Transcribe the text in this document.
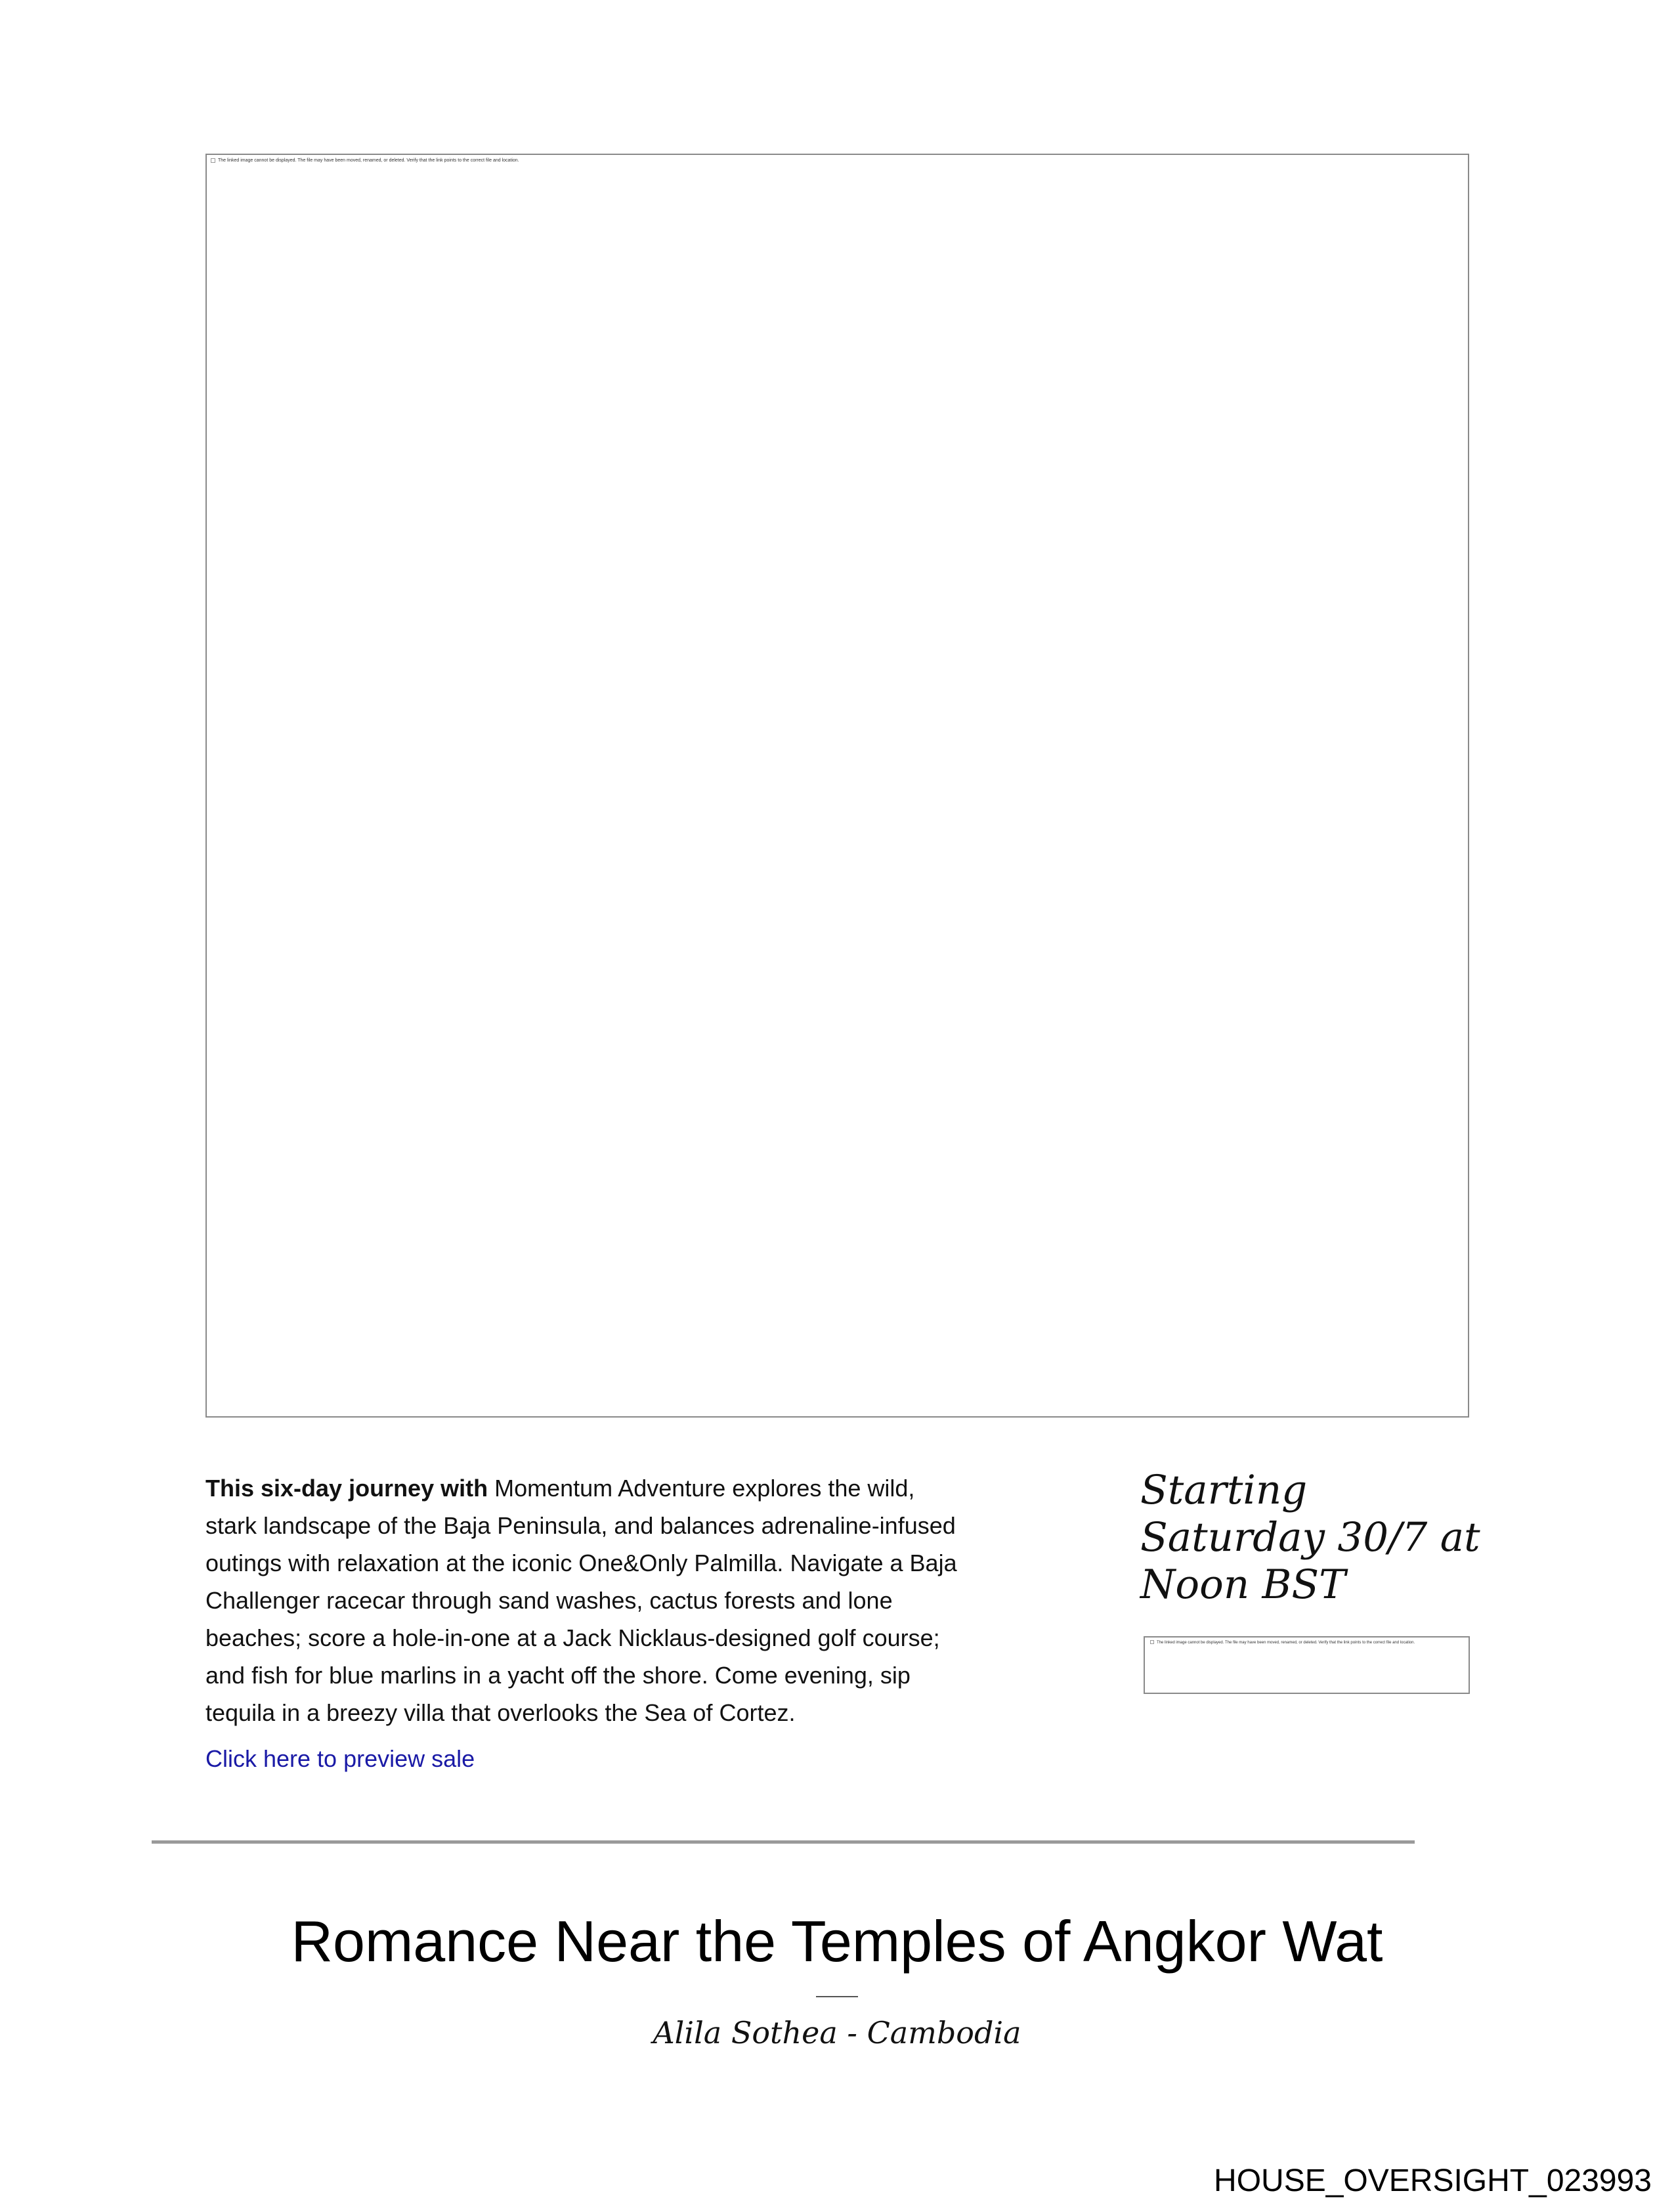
The linked image cannot be displayed. The file may have been moved, renamed, or deleted. Verify that the link points to the correct file and location.
This six-day journey with Momentum Adventure explores the wild,
stark landscape of the Baja Peninsula, and balances adrenaline-infused
outings with relaxation at the iconic One&Only Palmilla. Navigate a Baja
Challenger racecar through sand washes, cactus forests and lone
beaches; score a hole-in-one at a Jack Nicklaus-designed golf course;
and fish for blue marlins in a yacht off the shore. Come evening, sip
tequila in a breezy villa that overlooks the Sea of Cortez.
Click here to preview sale
Starting
Saturday 30/7 at
Noon BST
The linked image cannot be displayed. The file may have been moved, renamed, or deleted. Verify that the link points to the correct file and location.
Romance Near the Temples of Angkor Wat
Alila Sothea - Cambodia
HOUSE_OVERSIGHT_023993
